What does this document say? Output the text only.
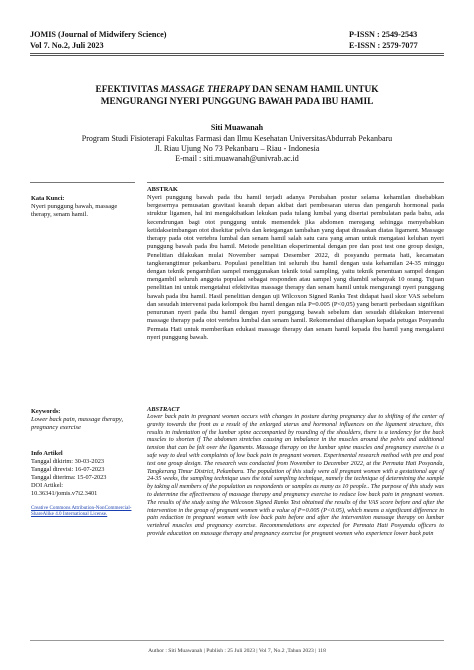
JOMIS (Journal of Midwifery Science)
Vol 7. No.2, Juli 2023
P-ISSN : 2549-2543
E-ISSN : 2579-7077
EFEKTIVITAS MASSAGE THERAPY DAN SENAM HAMIL UNTUK
MENGURANGI NYERI PUNGGUNG BAWAH PADA IBU HAMIL
Siti Muawanah
Program Studi Fisioterapi Fakultas Farmasi dan Ilmu Kesehatan UniversitasAbdurrab Pekanbaru
Jl. Riau Ujung No 73 Pekanbaru – Riau - Indonesia
E-mail : siti.muawanah@univrab.ac.id
Kata Kunci:
Nyeri punggung bawah, massage therapy, senam hamil.
Keywords:
Lower back pain, massage therapy, pregnancy exercise
Info Artikel
Tanggal dikirim: 30-03-2023
Tanggal direvisi: 16-07-2023
Tanggal diterima: 15-07-2023
DOI Artikel:
10.36341/jomis.v7i2.3401
Creative Commons Attribution-NonCommercial-ShareAlike 4.0 International License.
ABSTRAK
Nyeri punggung bawah pada ibu hamil terjadi adanya Perubahan postur selama kehamilan disebabkan bergesernya pemusatan gravitasi kearah depan akibat dari pembesaran uterus dan pengaruh hormonal pada struktur ligamen, hal ini mengakibatkan lekukan pada tulang lumbal yang disertai pembulatan pada bahu, ada kecendrungan bagi otot punggung untuk memendek jika abdomen meregang sehingga menyebabkan ketidakseimbangan otot disekitar pelvis dan ketegangan tambahan yang dapat dirasakan diatas ligament. Massage therapy pada otot vertebra lumbal dan senam hamil salah satu cara yang aman untuk mengatasi keluhan nyeri punggung bawah pada ibu hamil. Metode penelitian eksperimental dengan pre dan post test one group design, Penelitian dilakukan mulai November sampai Desember 2022, di posyandu permata hati, kecamatan tangkerangtimur pekanbaru. Populasi penelitian ini seluruh ibu hamil dengan usia kehamilan 24-35 minggu dengan teknik pengambilan sampel menggunakan teknik total sampling, yaitu teknik penentuan sampel dengan mengambil seluruh anggota populasi sebagai responden atau sampel yang diambil sebanyak 10 orang. Tujuan penelitian ini untuk mengetahui efektivitas massage therapy dan senam hamil untuk mengurangi nyeri punggung bawah pada ibu hamil. Hasil penelitian dengan uji Wilcoxon Signed Ranks Test didapat hasil skor VAS sebelum dan sesudah intervensi pada kelompok ibu hamil dengan nila P=0.005 (P<0,05) yang berarti perbedaan signifikan penurunan nyeri pada ibu hamil dengan nyeri punggung bawah sebelum dan sesudah dilakukan intervensi massage therapy pada otot vertebra lumbal dan senam hamil. Rekomendasi diharapkan kepada petugas Posyandu Permata Hati untuk memberikan edukasi massage therapy dan senam hamil kepada ibu hamil yang mengalami nyeri punggung bawah.
ABSTRACT
Lower back pain in pregnant women occurs with changes in posture during pregnancy due to shifting of the center of gravity towards the front as a result of the enlarged uterus and hormonal influences on the ligament structure, this results in indentation of the lumbar spine accompanied by rounding of the shoulders, there is a tendency for the back muscles to shorten if The abdomen stretches causing an imbalance in the muscles around the pelvis and additional tension that can be felt over the ligaments. Massage therapy on the lumbar spine muscles and pregnancy exercise is a safe way to deal with complaints of low back pain in pregnant women. Experimental research method with pre and post test one group design. The research was conducted from November to December 2022, at the Permata Hati Posyanda, Tangkerang Timur District, Pekanbaru. The population of this study were all pregnant women with a gestational age of 24-35 weeks, the sampling technique uses the total sampling technique, namely the technique of determining the sample by taking all members of the population as respondents or samples as many as 10 people.. The purpose of this study was to determine the effectiveness of massage therapy and pregnancy exercise to reduce low back pain in pregnant women. The results of the study using the Wilcoxon Signed Ranks Test obtained the results of the VAS score before and after the intervention in the group of pregnant women with a value of P=0.005 (P<0.05), which means a significant difference in pain reduction in pregnant women with low back pain before and after the intervention massage therapy on lumbar vertebral muscles and pregnancy exercise. Recommendations are expected for Permata Hati Posyandu officers to provide education on massage therapy and pregnancy exercise for pregnant women who experience lower back pain
Author : Siti Muawanah | Publish : 25 Juli 2023 | Vol 7, No.2 ,Tahun 2023 | 118
